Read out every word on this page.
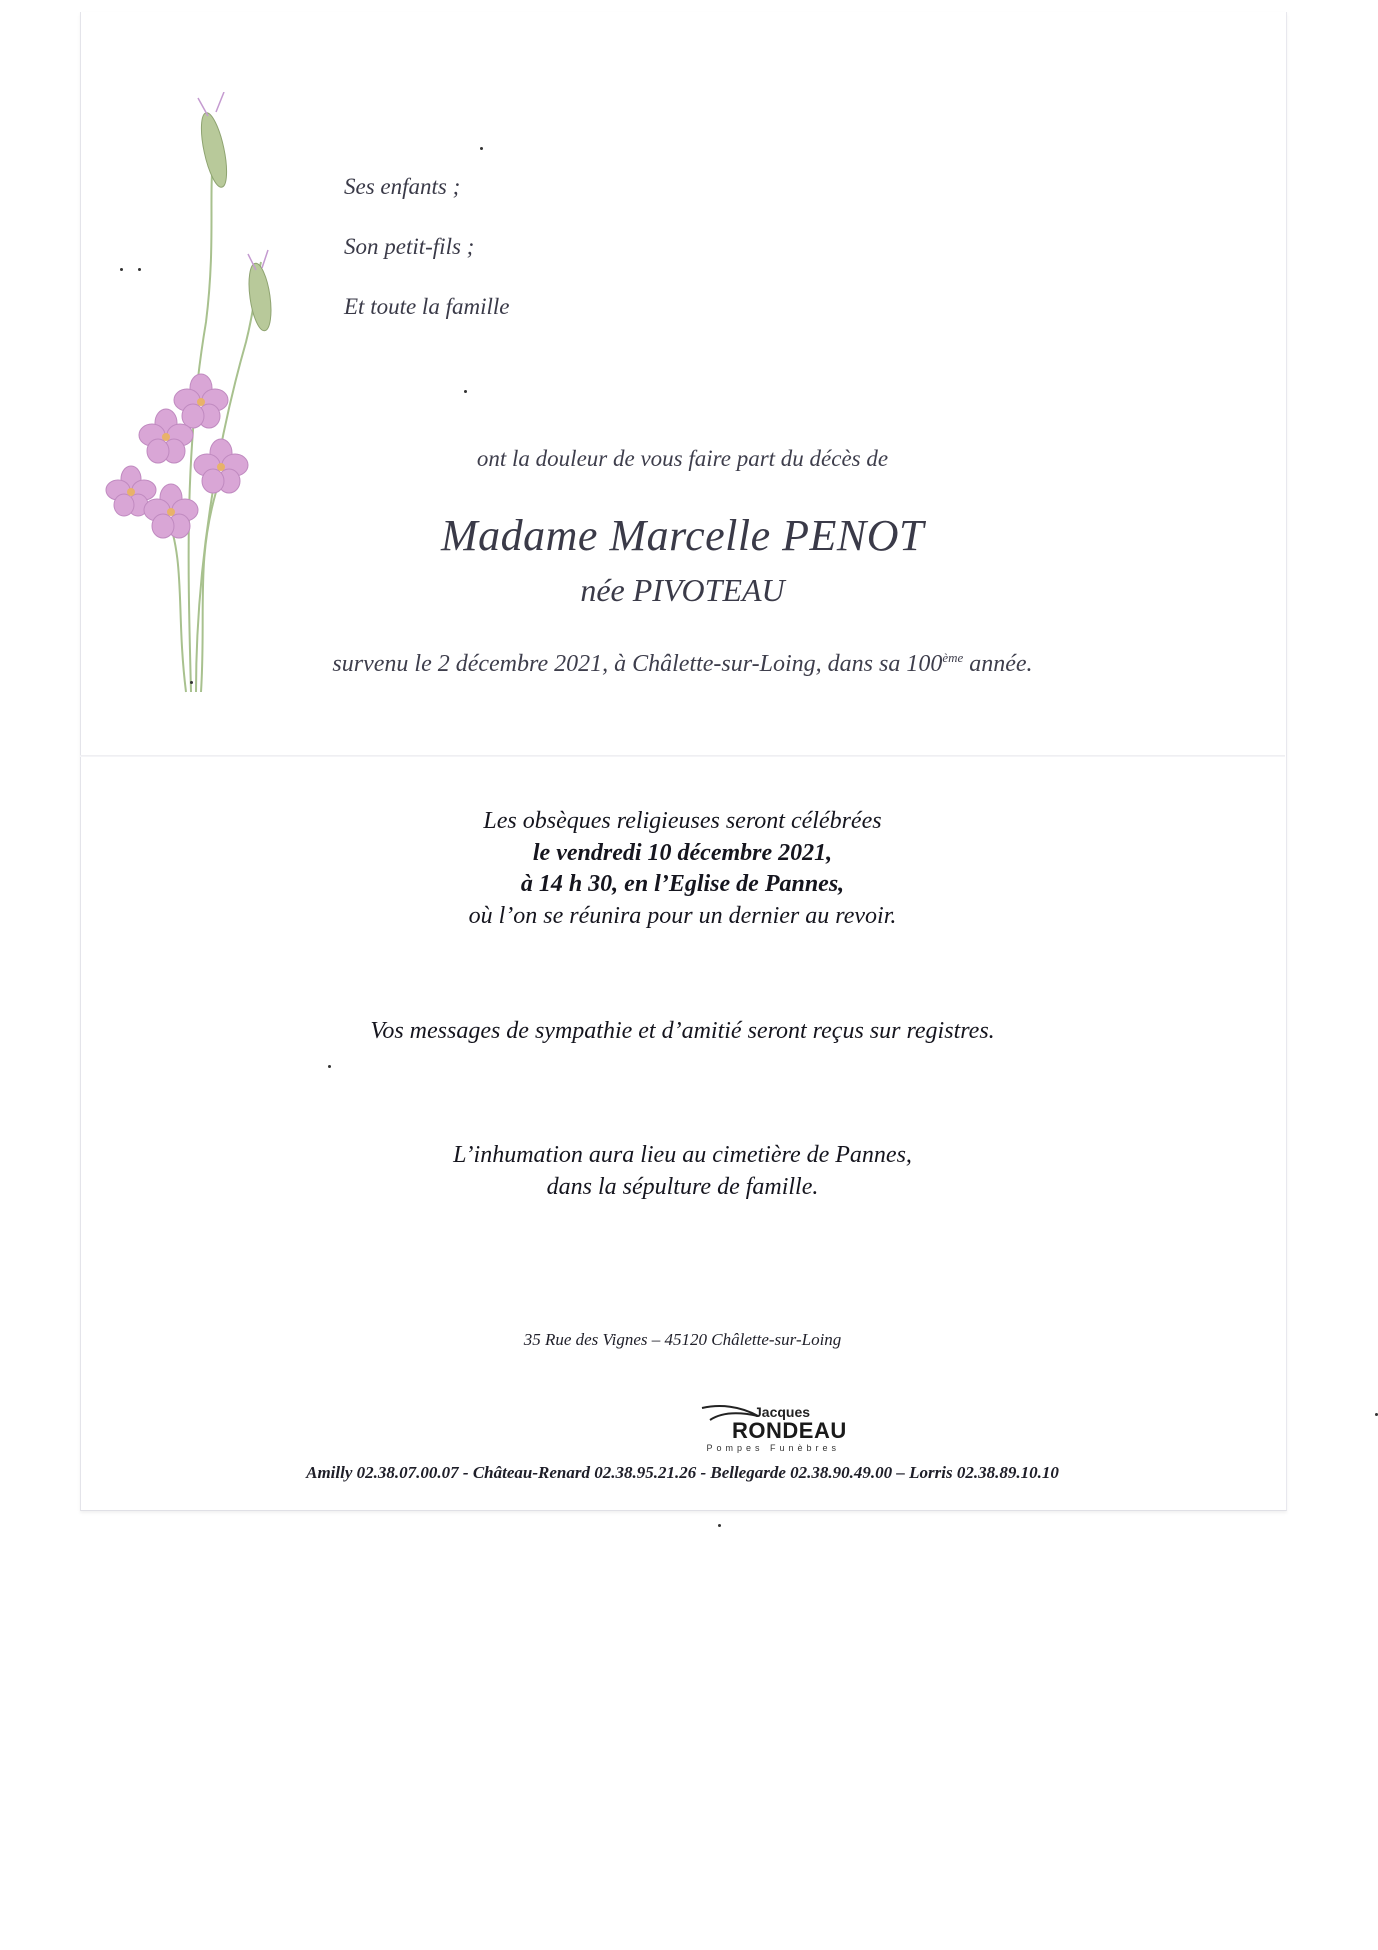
Ses enfants ;

Son petit-fils ;

Et toute la famille

ont la douleur de vous faire part du décès de

Madame Marcelle PENOT

née PIVOTEAU

survenu le 2 décembre 2021, à Châlette-sur-Loing, dans sa 100ème année.

Les obsèques religieuses seront célébrées
le vendredi 10 décembre 2021,
à 14 h 30, en l’Eglise de Pannes,
où l’on se réunira pour un dernier au revoir.

Vos messages de sympathie et d’amitié seront reçus sur registres.

L’inhumation aura lieu au cimetière de Pannes,
dans la sépulture de famille.

35 Rue des Vignes – 45120 Châlette-sur-Loing

Jacques

RONDEAU

Pompes Funèbres

Amilly 02.38.07.00.07 - Château-Renard 02.38.95.21.26 - Bellegarde 02.38.90.49.00 – Lorris 02.38.89.10.10
